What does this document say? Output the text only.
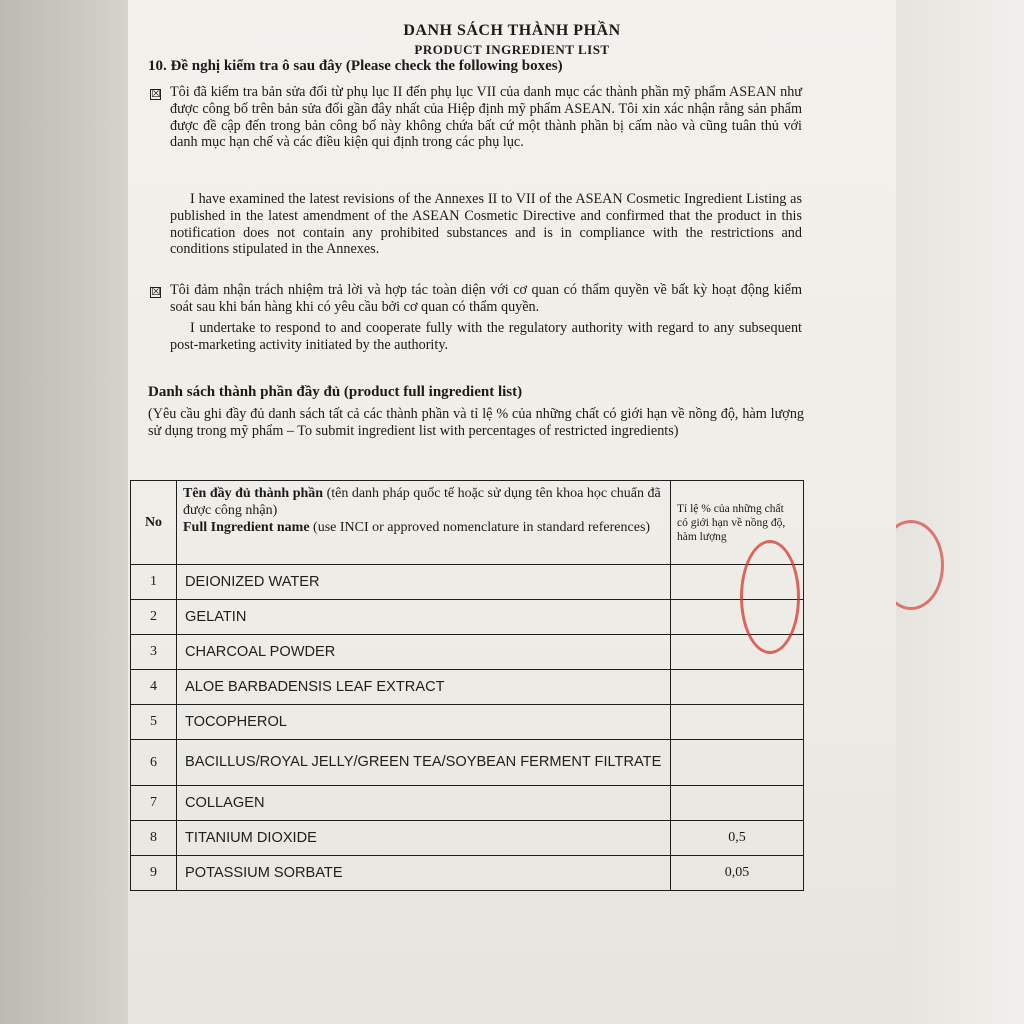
DANH SÁCH THÀNH PHẦN
PRODUCT INGREDIENT LIST
10. Đề nghị kiểm tra ô sau đây (Please check the following boxes)
☒ Tôi đã kiểm tra bản sửa đổi từ phụ lục II đến phụ lục VII của danh mục các thành phần mỹ phẩm ASEAN như được công bố trên bản sửa đổi gần đây nhất của Hiệp định mỹ phẩm ASEAN. Tôi xin xác nhận rằng sản phẩm được đề cập đến trong bản công bố này không chứa bất cứ một thành phần bị cấm nào và cũng tuân thủ với danh mục hạn chế và các điều kiện qui định trong các phụ lục.

I have examined the latest revisions of the Annexes II to VII of the ASEAN Cosmetic Ingredient Listing as published in the latest amendment of the ASEAN Cosmetic Directive and confirmed that the product in this notification does not contain any prohibited substances and is in compliance with the restrictions and conditions stipulated in the Annexes.

☒ Tôi đảm nhận trách nhiệm trả lời và hợp tác toàn diện với cơ quan có thẩm quyền về bất kỳ hoạt động kiểm soát sau khi bán hàng khi có yêu cầu bởi cơ quan có thẩm quyền.

I undertake to respond to and cooperate fully with the regulatory authority with regard to any subsequent post-marketing activity initiated by the authority.

Danh sách thành phần đầy đủ (product full ingredient list)

(Yêu cầu ghi đầy đủ danh sách tất cả các thành phần và tỉ lệ % của những chất có giới hạn về nồng độ, hàm lượng sử dụng trong mỹ phẩm – To submit ingredient list with percentages of restricted ingredients)

No	Tên đầy đủ thành phần (tên danh pháp quốc tế hoặc sử dụng tên khoa học chuẩn đã được công nhận)
Full Ingredient name (use INCI or approved nomenclature in standard references)	Tỉ lệ % của những chất có giới hạn về nồng độ, hàm lượng
1	DEIONIZED WATER	
2	GELATIN	
3	CHARCOAL POWDER	
4	ALOE BARBADENSIS LEAF EXTRACT	
5	TOCOPHEROL	
6	BACILLUS/ROYAL JELLY/GREEN TEA/SOYBEAN FERMENT FILTRATE	
7	COLLAGEN	
8	TITANIUM DIOXIDE	0,5
9	POTASSIUM SORBATE	0,05
